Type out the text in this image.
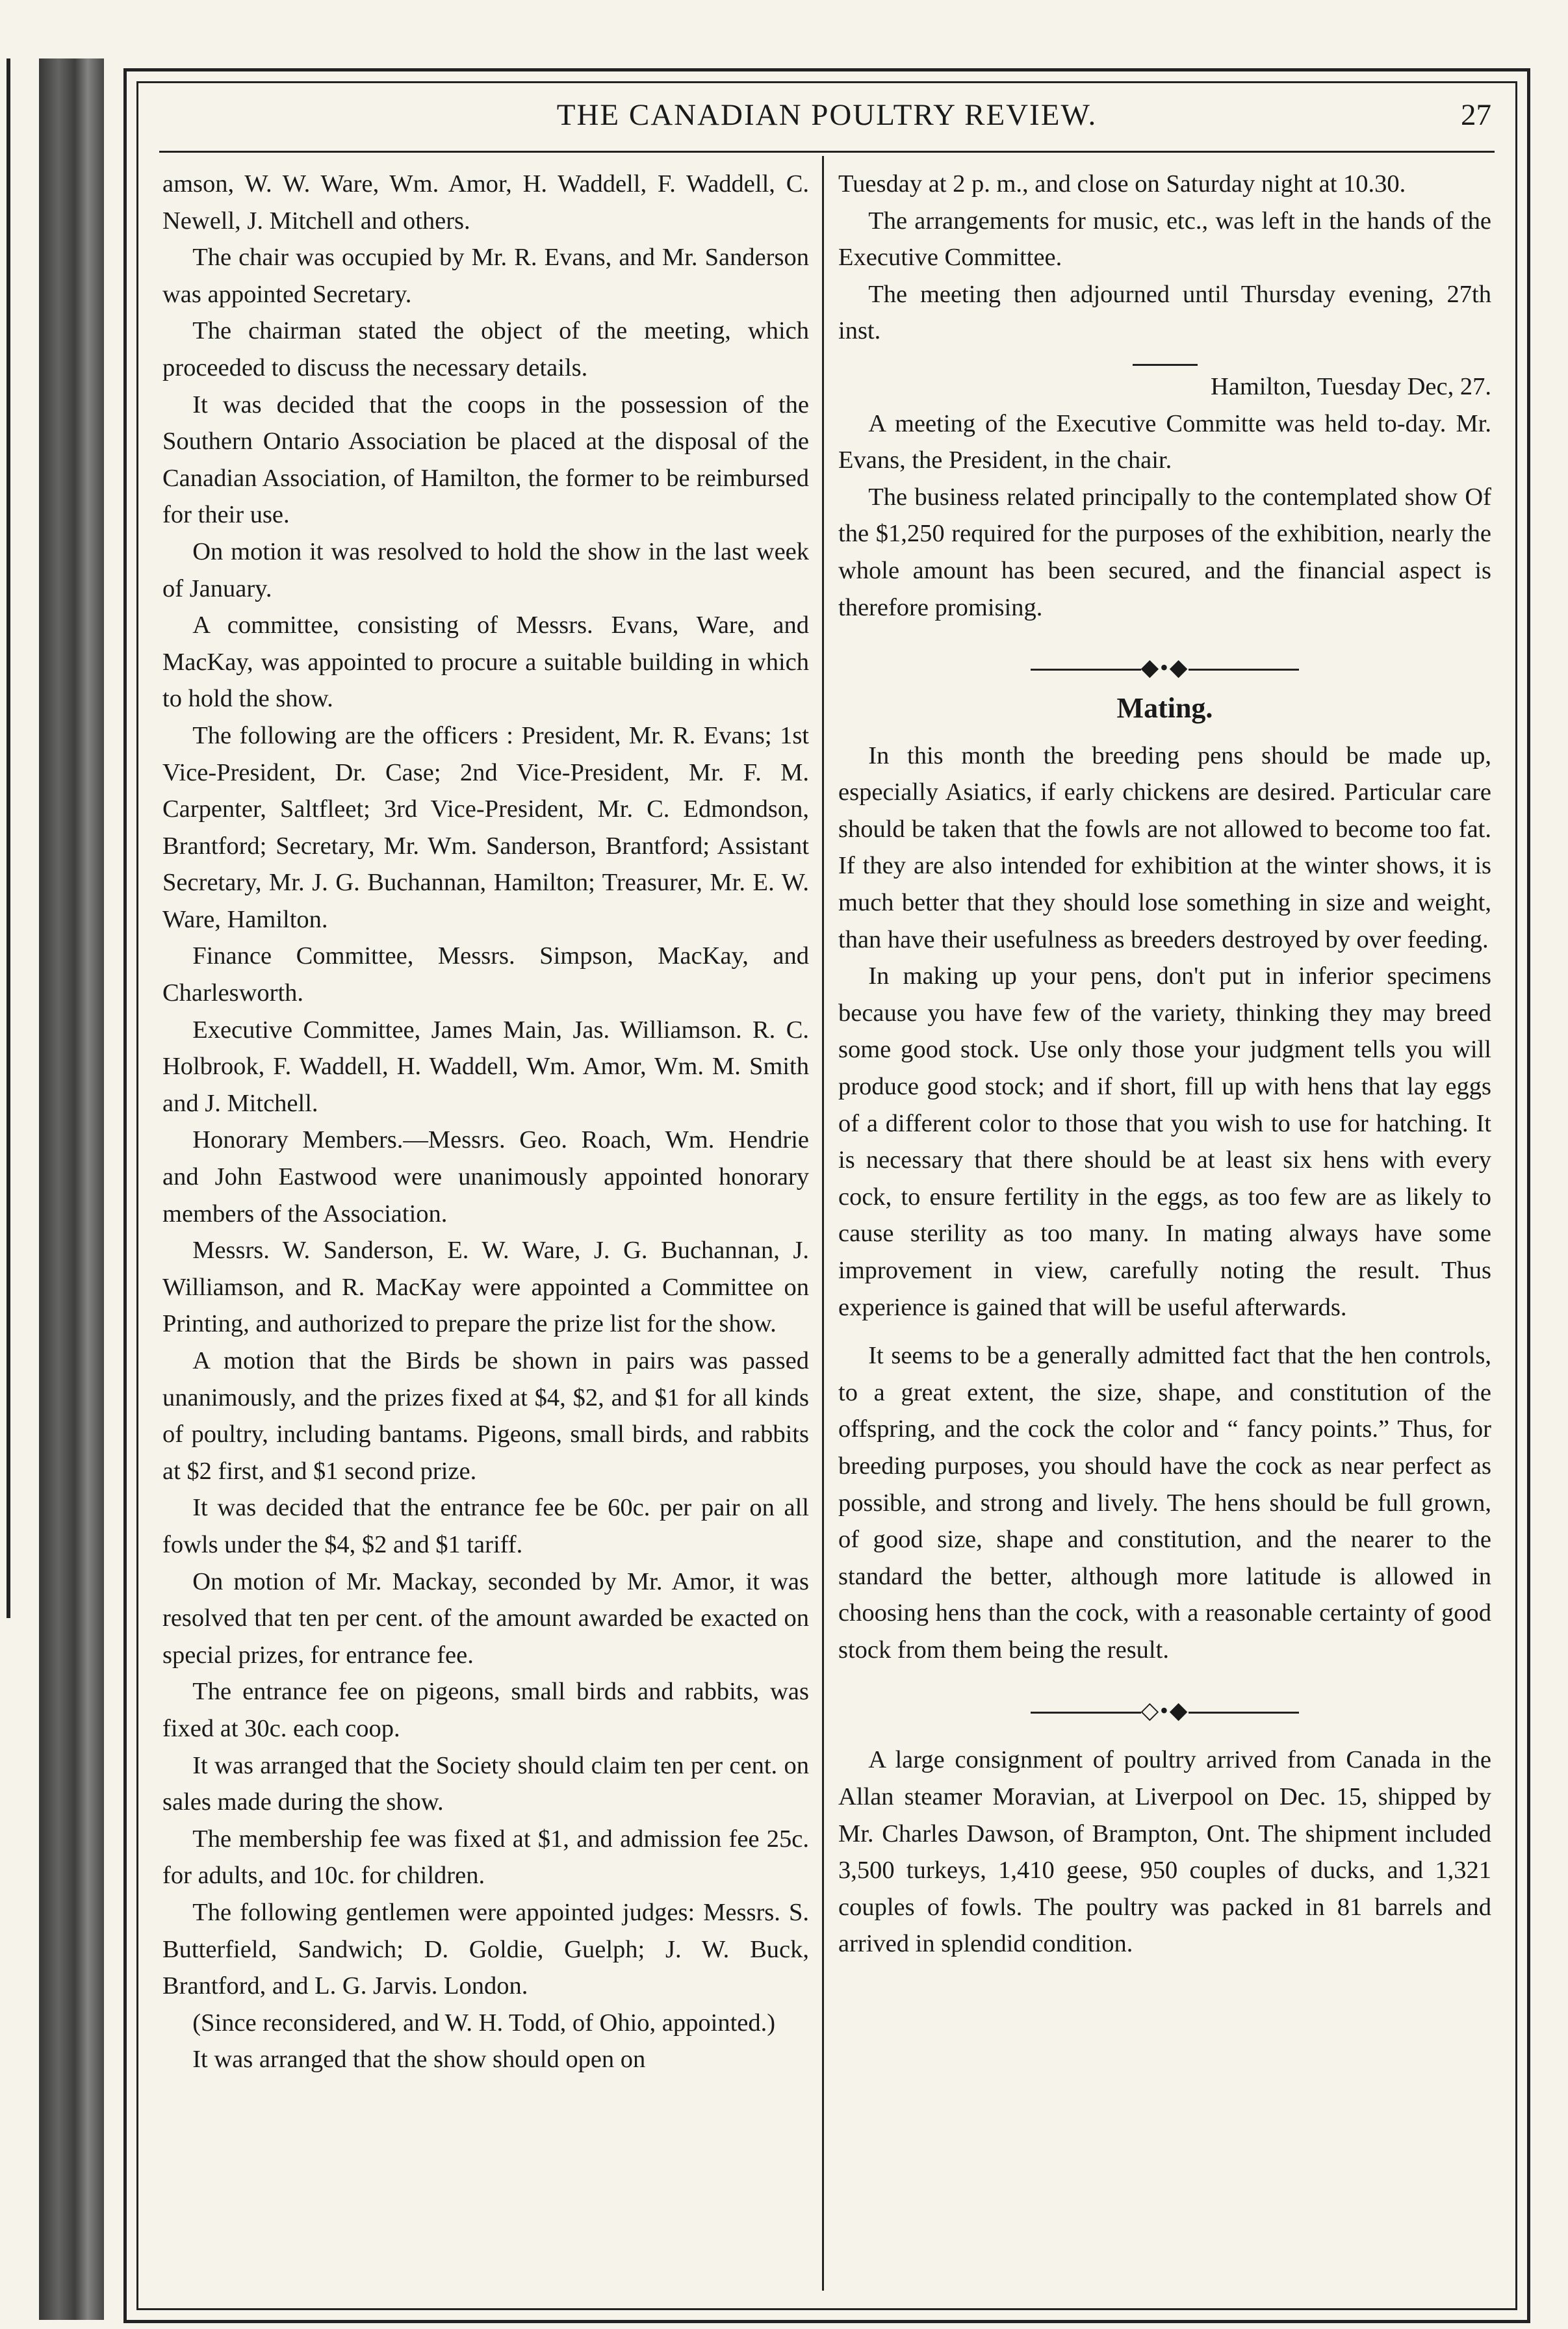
THE CANADIAN POULTRY REVIEW.	27

amson, W. W. Ware, Wm. Amor, H. Waddell, F. Waddell, C. Newell, J. Mitchell and others.

The chair was occupied by Mr. R. Evans, and Mr. Sanderson was appointed Secretary.

The chairman stated the object of the meeting, which proceeded to discuss the necessary details.

It was decided that the coops in the possession of the Southern Ontario Association be placed at the disposal of the Canadian Association, of Hamilton, the former to be reimbursed for their use.

On motion it was resolved to hold the show in the last week of January.

A committee, consisting of Messrs. Evans, Ware, and MacKay, was appointed to procure a suitable building in which to hold the show.

The following are the officers : President, Mr. R. Evans; 1st Vice-President, Dr. Case; 2nd Vice-President, Mr. F. M. Carpenter, Saltfleet; 3rd Vice-President, Mr. C. Edmondson, Brantford; Secretary, Mr. Wm. Sanderson, Brantford; Assistant Secretary, Mr. J. G. Buchannan, Hamilton; Treasurer, Mr. E. W. Ware, Hamilton.

Finance Committee, Messrs. Simpson, MacKay, and Charlesworth.

Executive Committee, James Main, Jas. Williamson. R. C. Holbrook, F. Waddell, H. Waddell, Wm. Amor, Wm. M. Smith and J. Mitchell.

Honorary Members.—Messrs. Geo. Roach, Wm. Hendrie and John Eastwood were unanimously appointed honorary members of the Association.

Messrs. W. Sanderson, E. W. Ware, J. G. Buchannan, J. Williamson, and R. MacKay were appointed a Committee on Printing, and authorized to prepare the prize list for the show.

A motion that the Birds be shown in pairs was passed unanimously, and the prizes fixed at $4, $2, and $1 for all kinds of poultry, including bantams. Pigeons, small birds, and rabbits at $2 first, and $1 second prize.

It was decided that the entrance fee be 60c. per pair on all fowls under the $4, $2 and $1 tariff.

On motion of Mr. Mackay, seconded by Mr. Amor, it was resolved that ten per cent. of the amount awarded be exacted on special prizes, for entrance fee.

The entrance fee on pigeons, small birds and rabbits, was fixed at 30c. each coop.

It was arranged that the Society should claim ten per cent. on sales made during the show.

The membership fee was fixed at $1, and admission fee 25c. for adults, and 10c. for children.

The following gentlemen were appointed judges: Messrs. S. Butterfield, Sandwich; D. Goldie, Guelph; J. W. Buck, Brantford, and L. G. Jarvis. London.

(Since reconsidered, and W. H. Todd, of Ohio, appointed.)

It was arranged that the show should open on

Tuesday at 2 p. m., and close on Saturday night at 10.30.

The arrangements for music, etc., was left in the hands of the Executive Committee.

The meeting then adjourned until Thursday evening, 27th inst.

Hamilton, Tuesday Dec, 27.

A meeting of the Executive Committe was held to-day. Mr. Evans, the President, in the chair.

The business related principally to the contemplated show Of the $1,250 required for the purposes of the exhibition, nearly the whole amount has been secured, and the financial aspect is therefore promising.

◆•◆
Mating.

In this month the breeding pens should be made up, especially Asiatics, if early chickens are desired. Particular care should be taken that the fowls are not allowed to become too fat. If they are also intended for exhibition at the winter shows, it is much better that they should lose something in size and weight, than have their usefulness as breeders destroyed by over feeding.

In making up your pens, don't put in inferior specimens because you have few of the variety, thinking they may breed some good stock. Use only those your judgment tells you will produce good stock; and if short, fill up with hens that lay eggs of a different color to those that you wish to use for hatching. It is necessary that there should be at least six hens with every cock, to ensure fertility in the eggs, as too few are as likely to cause sterility as too many. In mating always have some improvement in view, carefully noting the result. Thus experience is gained that will be useful afterwards.

It seems to be a generally admitted fact that the hen controls, to a great extent, the size, shape, and constitution of the offspring, and the cock the color and “ fancy points.” Thus, for breeding purposes, you should have the cock as near perfect as possible, and strong and lively. The hens should be full grown, of good size, shape and constitution, and the nearer to the standard the better, although more latitude is allowed in choosing hens than the cock, with a reasonable certainty of good stock from them being the result.

◇•◆

A large consignment of poultry arrived from Canada in the Allan steamer Moravian, at Liverpool on Dec. 15, shipped by Mr. Charles Dawson, of Brampton, Ont. The shipment included 3,500 turkeys, 1,410 geese, 950 couples of ducks, and 1,321 couples of fowls. The poultry was packed in 81 barrels and arrived in splendid condition.
